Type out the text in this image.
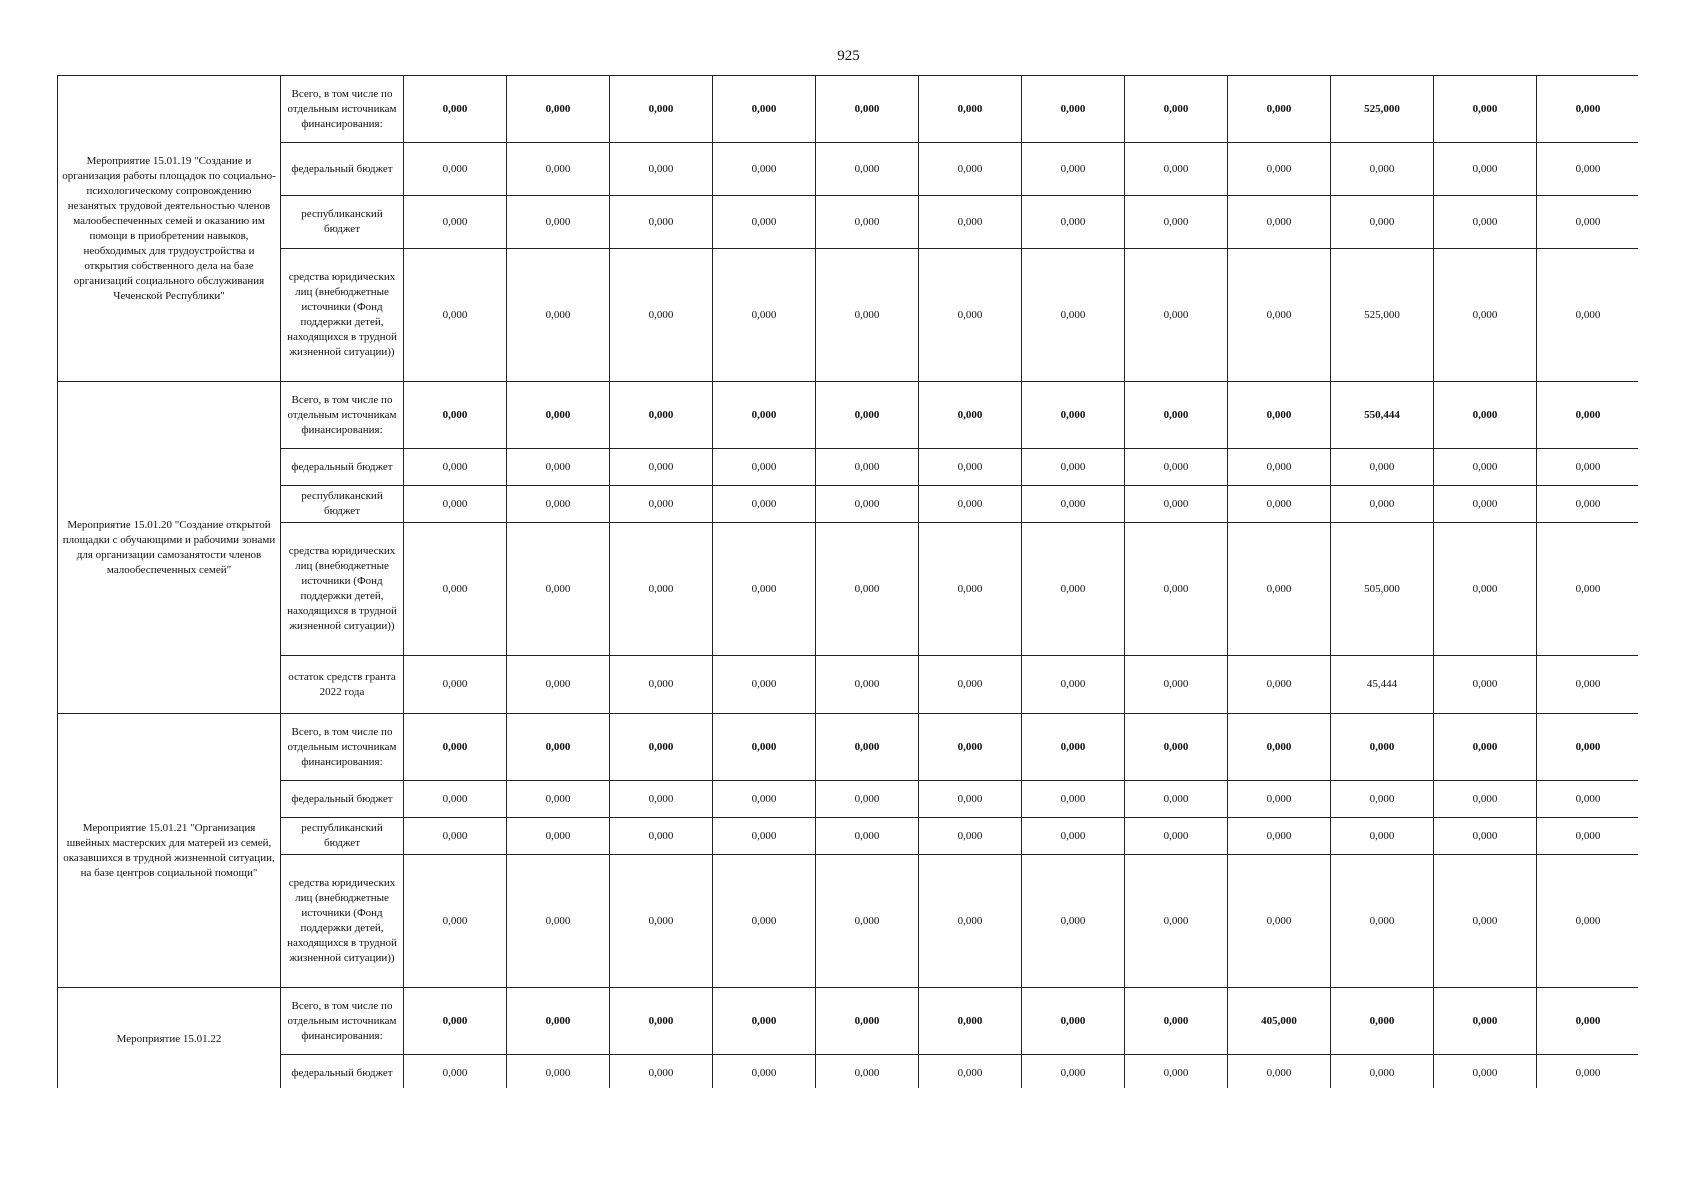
925
Мероприятие 15.01.19 "Создание и организация работы площадок по социально-психологическому сопровождению незанятых трудовой деятельностью членов малообеспеченных семей и оказанию им помощи в приобретении навыков, необходимых для трудоустройства и открытия собственного дела на базе организаций социального обслуживания Чеченской Республики"	Всего, в том числе по отдельным источникам финансирования:	0,000	0,000	0,000	0,000	0,000	0,000	0,000	0,000	0,000	525,000	0,000	0,000
	федеральный бюджет	0,000	0,000	0,000	0,000	0,000	0,000	0,000	0,000	0,000	0,000	0,000	0,000
	республиканский бюджет	0,000	0,000	0,000	0,000	0,000	0,000	0,000	0,000	0,000	0,000	0,000	0,000
	средства юридических лиц (внебюджетные источники (Фонд поддержки детей, находящихся в трудной жизненной ситуации))	0,000	0,000	0,000	0,000	0,000	0,000	0,000	0,000	0,000	525,000	0,000	0,000
Мероприятие 15.01.20 "Создание открытой площадки с обучающими и рабочими зонами для организации самозанятости членов малообеспеченных семей"	Всего, в том числе по отдельным источникам финансирования:	0,000	0,000	0,000	0,000	0,000	0,000	0,000	0,000	0,000	550,444	0,000	0,000
	федеральный бюджет	0,000	0,000	0,000	0,000	0,000	0,000	0,000	0,000	0,000	0,000	0,000	0,000
	республиканский бюджет	0,000	0,000	0,000	0,000	0,000	0,000	0,000	0,000	0,000	0,000	0,000	0,000
	средства юридических лиц (внебюджетные источники (Фонд поддержки детей, находящихся в трудной жизненной ситуации))	0,000	0,000	0,000	0,000	0,000	0,000	0,000	0,000	0,000	505,000	0,000	0,000
	остаток средств гранта 2022 года	0,000	0,000	0,000	0,000	0,000	0,000	0,000	0,000	0,000	45,444	0,000	0,000
Мероприятие 15.01.21 "Организация швейных мастерских для матерей из семей, оказавшихся в трудной жизненной ситуации, на базе центров социальной помощи"	Всего, в том числе по отдельным источникам финансирования:	0,000	0,000	0,000	0,000	0,000	0,000	0,000	0,000	0,000	0,000	0,000	0,000
	федеральный бюджет	0,000	0,000	0,000	0,000	0,000	0,000	0,000	0,000	0,000	0,000	0,000	0,000
	республиканский бюджет	0,000	0,000	0,000	0,000	0,000	0,000	0,000	0,000	0,000	0,000	0,000	0,000
	средства юридических лиц (внебюджетные источники (Фонд поддержки детей, находящихся в трудной жизненной ситуации))	0,000	0,000	0,000	0,000	0,000	0,000	0,000	0,000	0,000	0,000	0,000	0,000
Мероприятие 15.01.22	Всего, в том числе по отдельным источникам финансирования:	0,000	0,000	0,000	0,000	0,000	0,000	0,000	0,000	405,000	0,000	0,000	0,000
	федеральный бюджет	0,000	0,000	0,000	0,000	0,000	0,000	0,000	0,000	0,000	0,000	0,000	0,000
